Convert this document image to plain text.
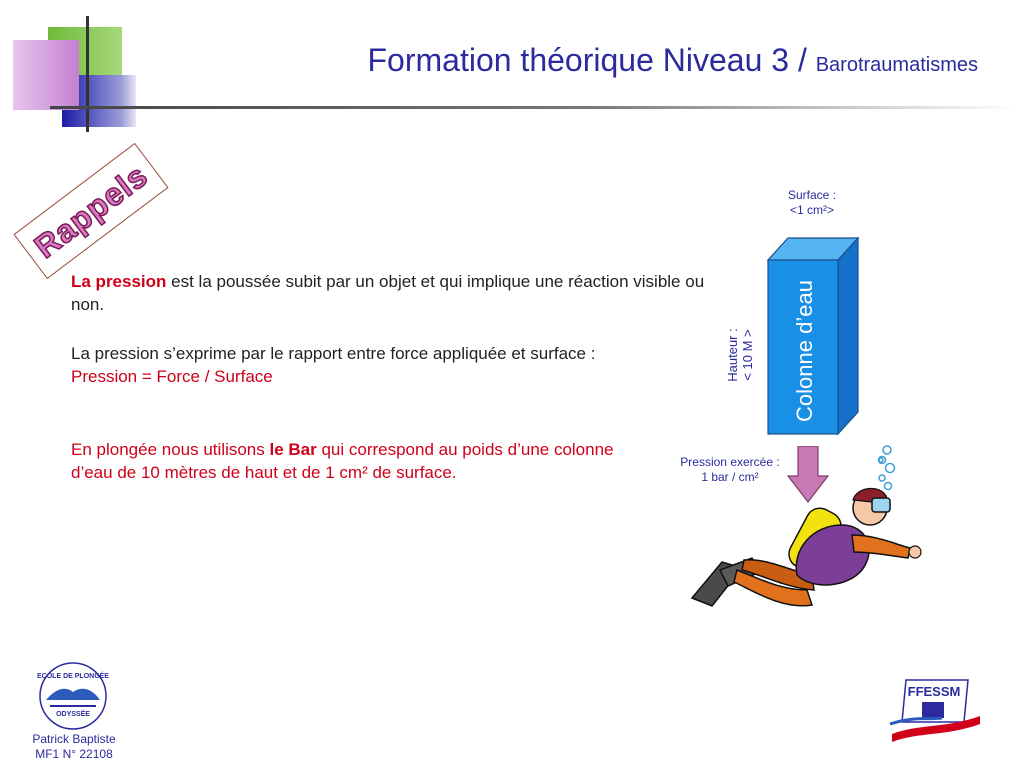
Formation théorique Niveau 3 / Barotraumatismes
Rappels
La pression est la poussée subit par un objet et qui implique une réaction visible ou non.
La pression s’exprime par le rapport entre force appliquée et surface :
Pression = Force / Surface
En plongée nous utilisons le Bar qui correspond au poids d’une colonne d’eau de 10 mètres de haut et de 1 cm² de surface.
Surface :
<1 cm²>
Colonne d’eau
Hauteur : < 10 M >
Pression exercée :
1 bar / cm²
ECOLE DE PLONGÉE
ODYSSÉE
Patrick Baptiste
MF1 N° 22108
FFESSM
